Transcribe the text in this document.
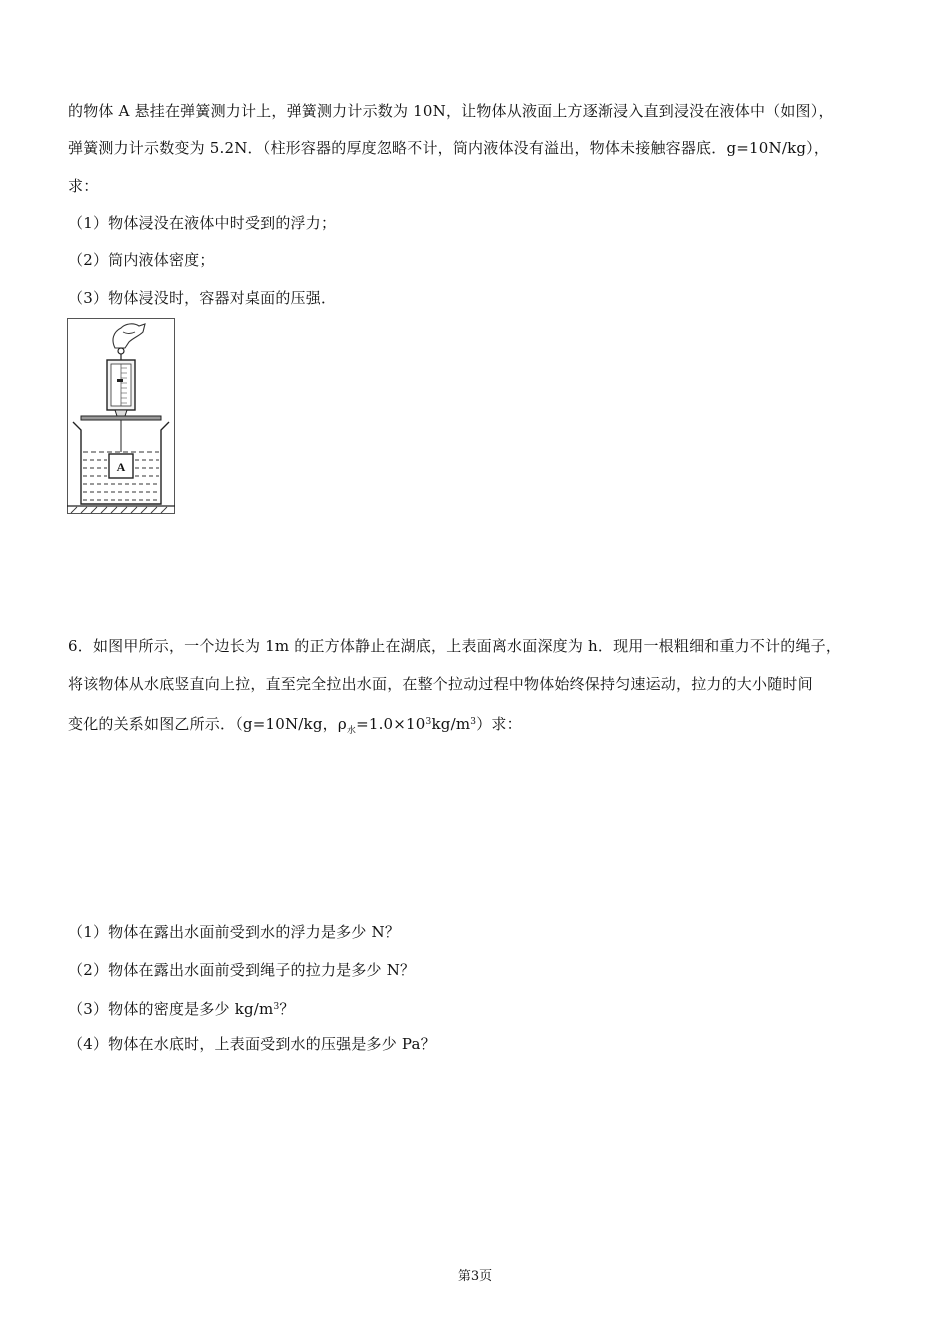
的物体 A 悬挂在弹簧测力计上，弹簧测力计示数为 10N，让物体从液面上方逐渐浸入直到浸没在液体中（如图），
弹簧测力计示数变为 5.2N．（柱形容器的厚度忽略不计，筒内液体没有溢出，物体未接触容器底．g=10N/kg），
求：
（1）物体浸没在液体中时受到的浮力；
（2）筒内液体密度；
（3）物体浸没时，容器对桌面的压强．
A
6．如图甲所示，一个边长为 1m 的正方体静止在湖底，上表面离水面深度为 h．现用一根粗细和重力不计的绳子，
将该物体从水底竖直向上拉，直至完全拉出水面，在整个拉动过程中物体始终保持匀速运动，拉力的大小随时间
变化的关系如图乙所示．（g=10N/kg，$\rho_水=1.0\times 10^3kg/m^3$）求：
（1）物体在露出水面前受到水的浮力是多少 N？
（2）物体在露出水面前受到绳子的拉力是多少 N？
（3）物体的密度是多少 $kg/m^3$？
（4）物体在水底时，上表面受到水的压强是多少 Pa？
第3页
